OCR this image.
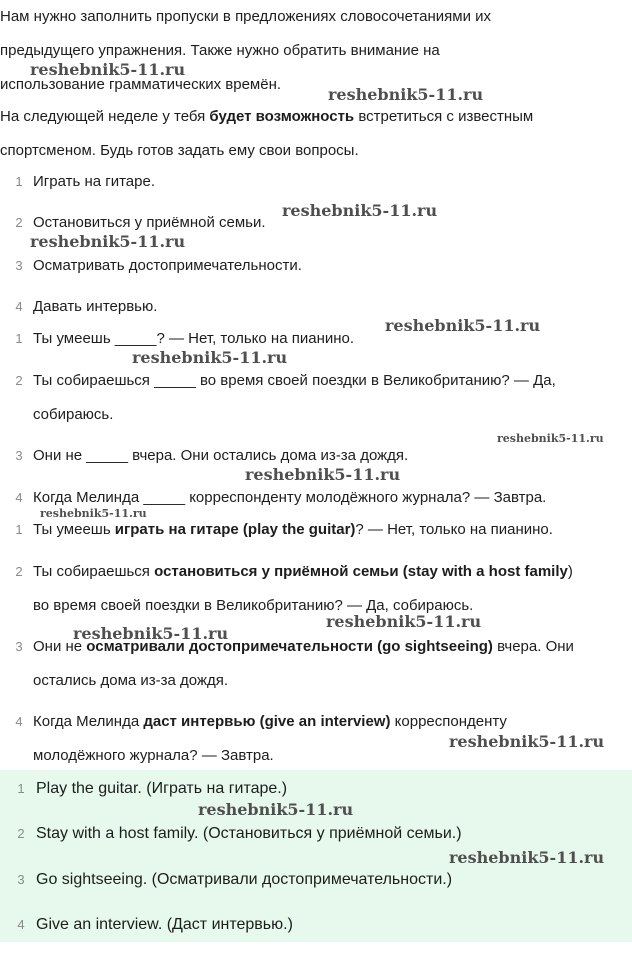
Нам нужно заполнить пропуски в предложениях словосочетаниями их
предыдущего упражнения. Также нужно обратить внимание на
использование грамматических времён.
На следующей неделе у тебя будет возможность встретиться с известным
спортсменом. Будь готов задать ему свои вопросы.
1 Играть на гитаре.
2 Остановиться у приёмной семьи.
3 Осматривать достопримечательности.
4 Давать интервью.
1 Ты умеешь _____? — Нет, только на пианино.
2 Ты собираешься _____ во время своей поездки в Великобританию? — Да,
собираюсь.
3 Они не _____ вчера. Они остались дома из-за дождя.
4 Когда Мелинда _____ корреспонденту молодёжного журнала? — Завтра.
1 Ты умеешь играть на гитаре (play the guitar)? — Нет, только на пианино.
2 Ты собираешься остановиться у приёмной семьи (stay with a host family)
во время своей поездки в Великобританию? — Да, собираюсь.
3 Они не осматривали достопримечательности (go sightseeing) вчера. Они
остались дома из-за дождя.
4 Когда Мелинда даст интервью (give an interview) корреспонденту
молодёжного журнала? — Завтра.
1 Play the guitar. (Играть на гитаре.)
2 Stay with a host family. (Остановиться у приёмной семьи.)
3 Go sightseeing. (Осматривали достопримечательности.)
4 Give an interview. (Даст интервью.)
reshebnik5-11.ru
reshebnik5-11.ru
reshebnik5-11.ru
reshebnik5-11.ru
reshebnik5-11.ru
reshebnik5-11.ru
reshebnik5-11.ru
reshebnik5-11.ru
reshebnik5-11.ru
reshebnik5-11.ru
reshebnik5-11.ru
reshebnik5-11.ru
reshebnik5-11.ru
reshebnik5-11.ru
